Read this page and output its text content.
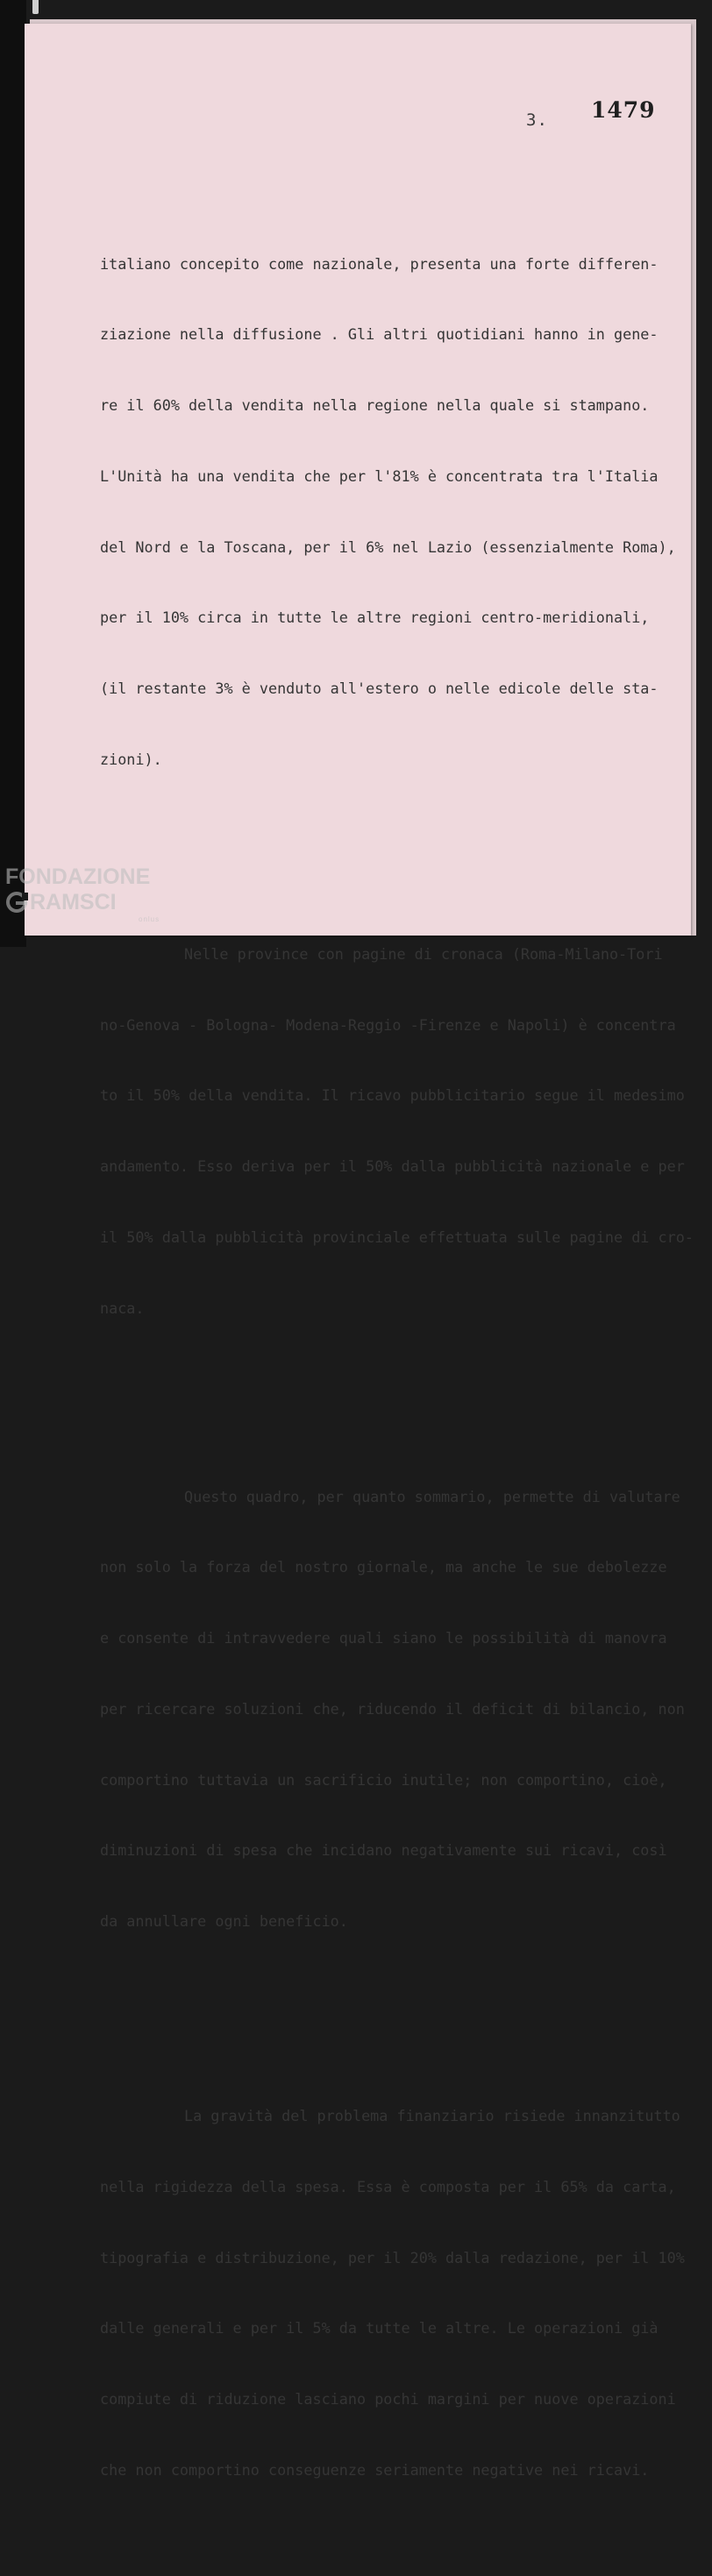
3. 1479

italiano concepito come nazionale, presenta una forte differen-

ziazione nella diffusione . Gli altri quotidiani hanno in gene-

re il 60% della vendita nella regione nella quale si stampano.

L'Unità ha una vendita che per l'81% è concentrata tra l'Italia

del Nord e la Toscana, per il 6% nel Lazio (essenzialmente Roma),

per il 10% circa in tutte le altre regioni centro-meridionali,

(il restante 3% è venduto all'estero o nelle edicole delle sta-

zioni).

Nelle province con pagine di cronaca (Roma-Milano-Tori

no-Genova - Bologna- Modena-Reggio -Firenze e Napoli) è concentra

to il 50% della vendita. Il ricavo pubblicitario segue il medesimo

andamento. Esso deriva per il 50% dalla pubblicità nazionale e per

il 50% dalla pubblicità provinciale effettuata sulle pagine di cro-

naca.

Questo quadro, per quanto sommario, permette di valutare

non solo la forza del nostro giornale, ma anche le sue debolezze

e consente di intravvedere quali siano le possibilità di manovra

per ricercare soluzioni che, riducendo il deficit di bilancio, non

comportino tuttavia un sacrificio inutile; non comportino, cioè,

diminuzioni di spesa che incidano negativamente sui ricavi, così

da annullare ogni beneficio.

La gravità del problema finanziario risiede innanzitutto

nella rigidezza della spesa. Essa è composta per il 65% da carta,

tipografia e distribuzione, per il 20% dalla redazione, per il 10%

dalle generali e per il 5% da tutte le altre. Le operazioni già

compiute di riduzione lasciano pochi margini per nuove operazioni

che non comportino conseguenze seriamente negative nei ricavi.

FONDAZIONE
RAMSCI
onlus
